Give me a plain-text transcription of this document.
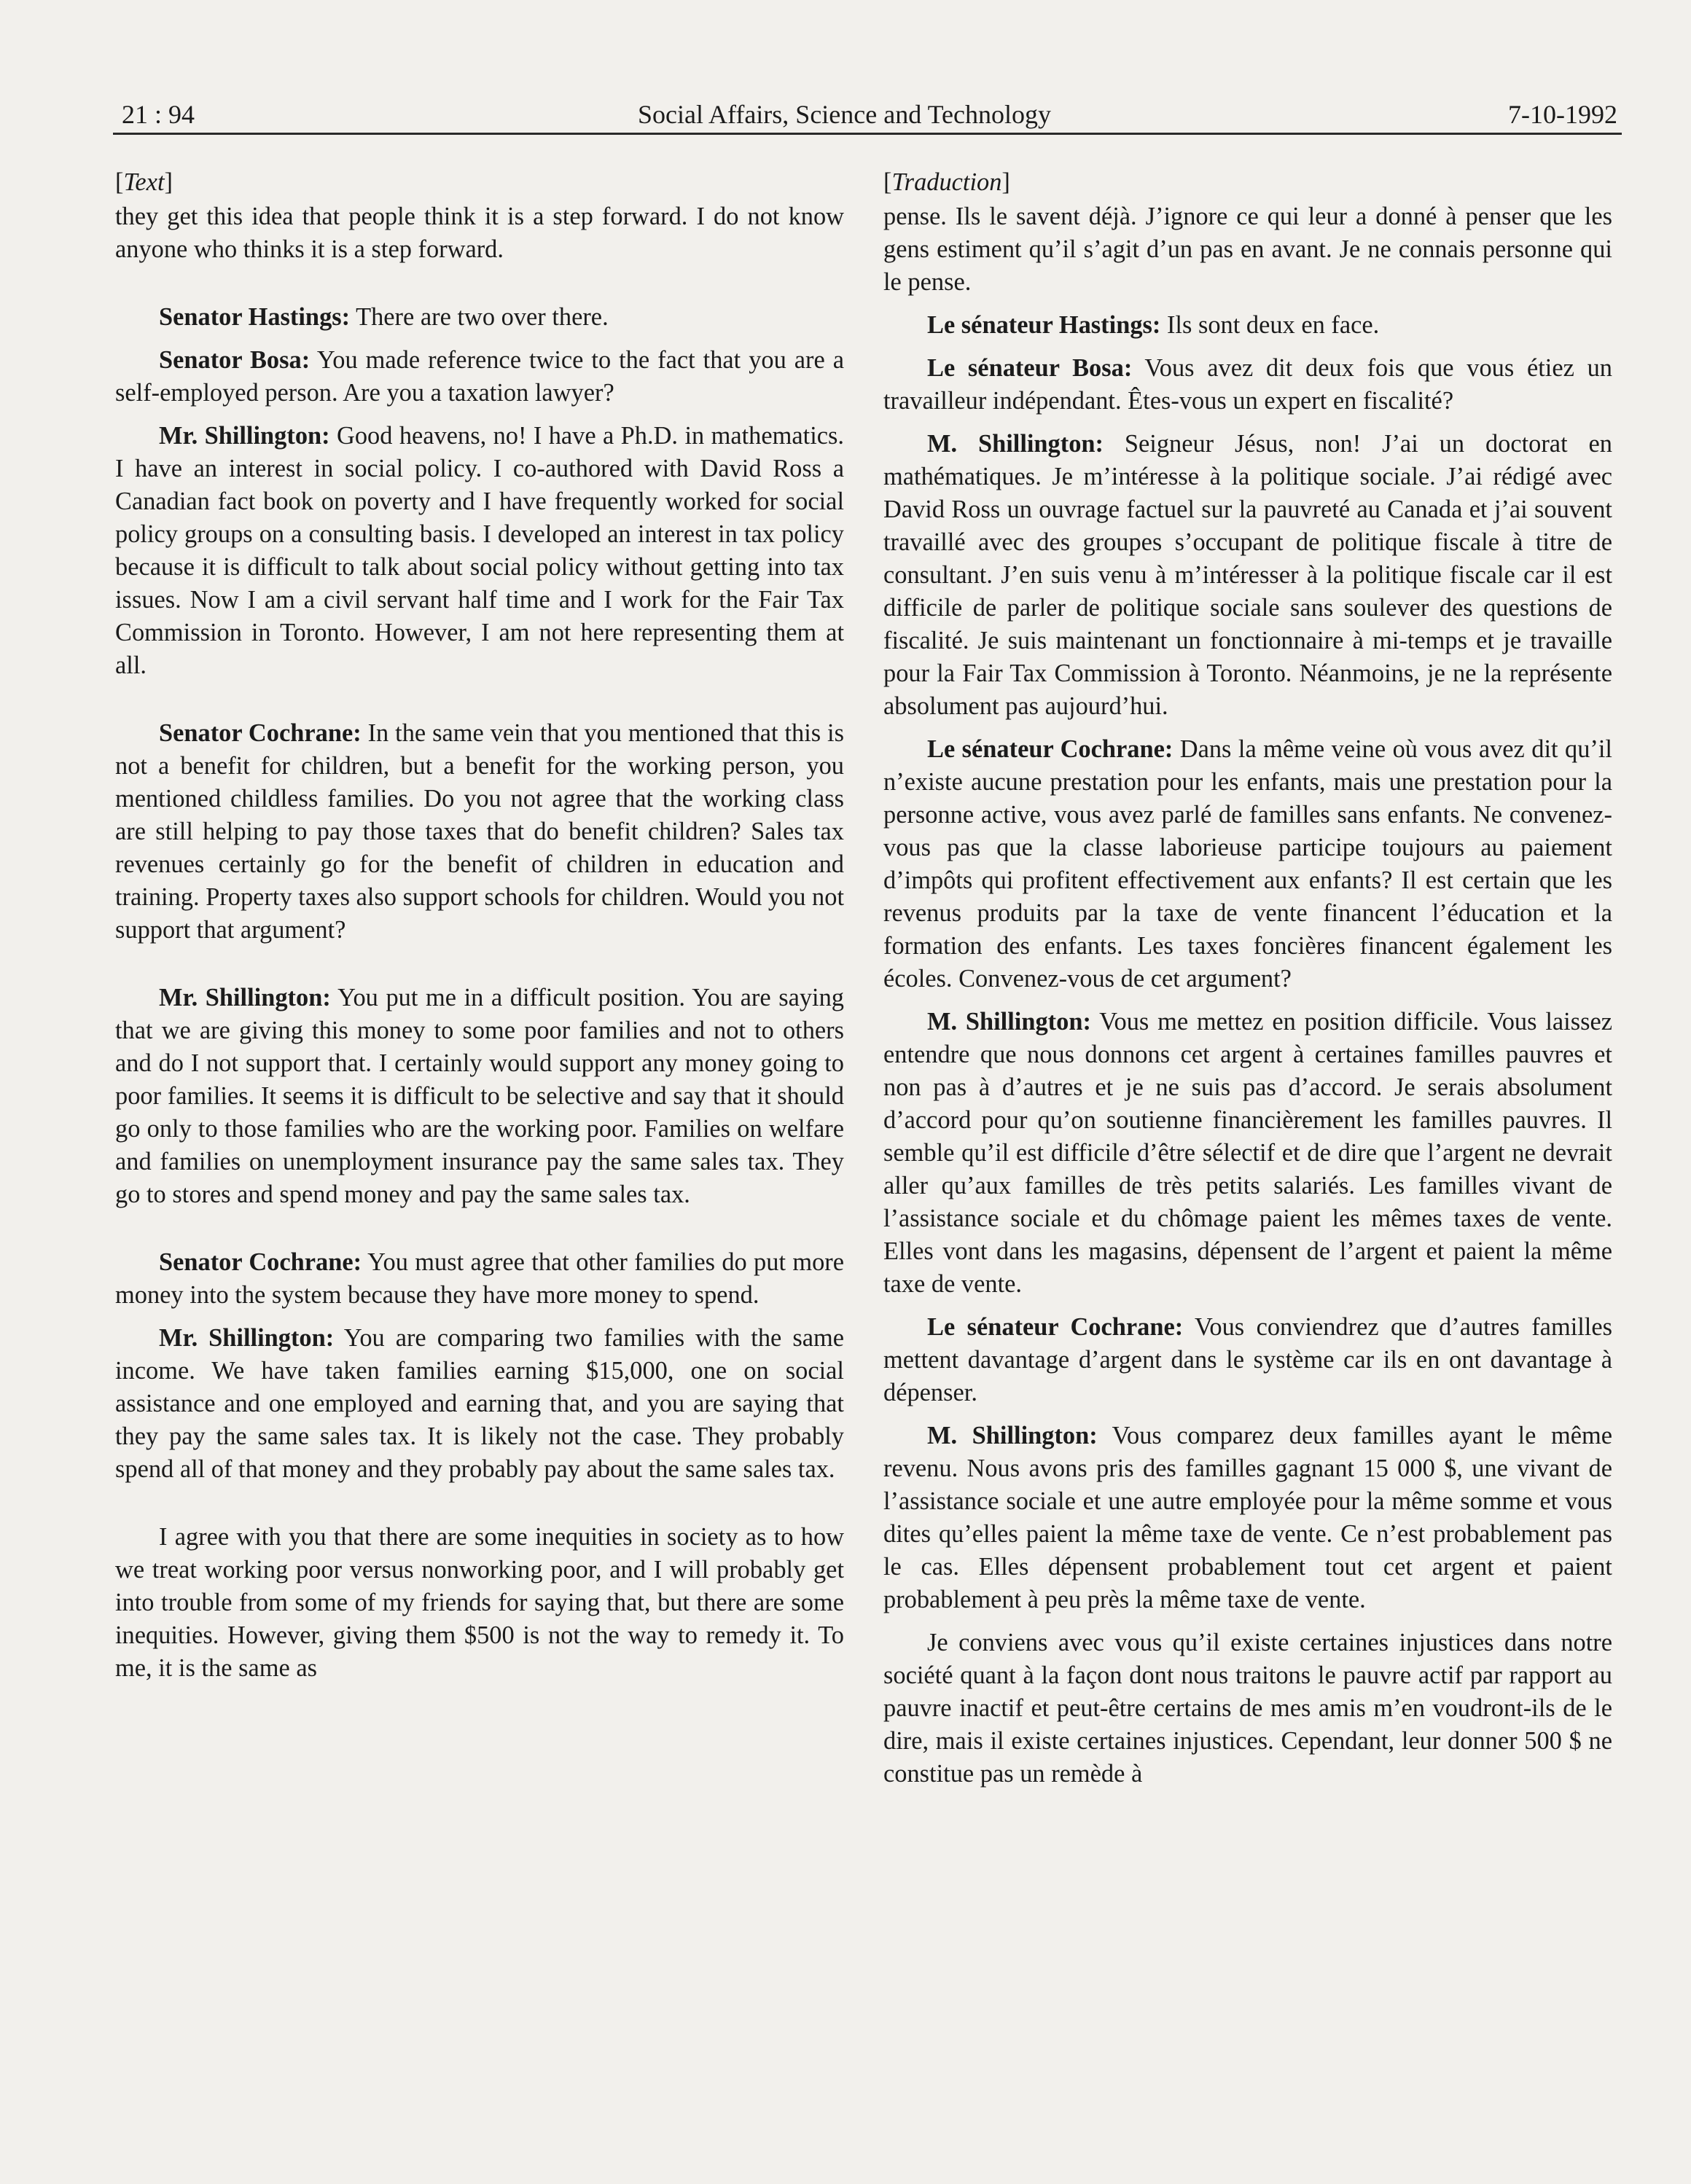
21 : 94	Social Affairs, Science and Technology	7-10-1992

[Text]

they get this idea that people think it is a step forward. I do not know anyone who thinks it is a step forward.

Senator Hastings: There are two over there.

Senator Bosa: You made reference twice to the fact that you are a self-employed person. Are you a taxation lawyer?

Mr. Shillington: Good heavens, no! I have a Ph.D. in mathematics. I have an interest in social policy. I co-authored with David Ross a Canadian fact book on poverty and I have frequently worked for social policy groups on a consulting basis. I developed an interest in tax policy because it is difficult to talk about social policy without getting into tax issues. Now I am a civil servant half time and I work for the Fair Tax Commission in Toronto. However, I am not here representing them at all.

Senator Cochrane: In the same vein that you mentioned that this is not a benefit for children, but a benefit for the working person, you mentioned childless families. Do you not agree that the working class are still helping to pay those taxes that do benefit children? Sales tax revenues certainly go for the benefit of children in education and training. Property taxes also support schools for children. Would you not support that argument?

Mr. Shillington: You put me in a difficult position. You are saying that we are giving this money to some poor families and not to others and do I not support that. I certainly would support any money going to poor families. It seems it is difficult to be selective and say that it should go only to those families who are the working poor. Families on welfare and families on unemployment insurance pay the same sales tax. They go to stores and spend money and pay the same sales tax.

Senator Cochrane: You must agree that other families do put more money into the system because they have more money to spend.

Mr. Shillington: You are comparing two families with the same income. We have taken families earning $15,000, one on social assistance and one employed and earning that, and you are saying that they pay the same sales tax. It is likely not the case. They probably spend all of that money and they probably pay about the same sales tax.

I agree with you that there are some inequities in society as to how we treat working poor versus nonworking poor, and I will probably get into trouble from some of my friends for saying that, but there are some inequities. However, giving them $500 is not the way to remedy it. To me, it is the same as

[Traduction]

pense. Ils le savent déjà. J’ignore ce qui leur a donné à penser que les gens estiment qu’il s’agit d’un pas en avant. Je ne connais personne qui le pense.

Le sénateur Hastings: Ils sont deux en face.

Le sénateur Bosa: Vous avez dit deux fois que vous étiez un travailleur indépendant. Êtes-vous un expert en fiscalité?

M. Shillington: Seigneur Jésus, non! J’ai un doctorat en mathématiques. Je m’intéresse à la politique sociale. J’ai rédigé avec David Ross un ouvrage factuel sur la pauvreté au Canada et j’ai souvent travaillé avec des groupes s’occupant de politique fiscale à titre de consultant. J’en suis venu à m’intéresser à la politique fiscale car il est difficile de parler de politique sociale sans soulever des questions de fiscalité. Je suis maintenant un fonctionnaire à mi-temps et je travaille pour la Fair Tax Commission à Toronto. Néanmoins, je ne la représente absolument pas aujourd’hui.

Le sénateur Cochrane: Dans la même veine où vous avez dit qu’il n’existe aucune prestation pour les enfants, mais une prestation pour la personne active, vous avez parlé de familles sans enfants. Ne convenez-vous pas que la classe laborieuse participe toujours au paiement d’impôts qui profitent effectivement aux enfants? Il est certain que les revenus produits par la taxe de vente financent l’éducation et la formation des enfants. Les taxes foncières financent également les écoles. Convenez-vous de cet argument?

M. Shillington: Vous me mettez en position difficile. Vous laissez entendre que nous donnons cet argent à certaines familles pauvres et non pas à d’autres et je ne suis pas d’accord. Je serais absolument d’accord pour qu’on soutienne financièrement les familles pauvres. Il semble qu’il est difficile d’être sélectif et de dire que l’argent ne devrait aller qu’aux familles de très petits salariés. Les familles vivant de l’assistance sociale et du chômage paient les mêmes taxes de vente. Elles vont dans les magasins, dépensent de l’argent et paient la même taxe de vente.

Le sénateur Cochrane: Vous conviendrez que d’autres familles mettent davantage d’argent dans le système car ils en ont davantage à dépenser.

M. Shillington: Vous comparez deux familles ayant le même revenu. Nous avons pris des familles gagnant 15 000 $, une vivant de l’assistance sociale et une autre employée pour la même somme et vous dites qu’elles paient la même taxe de vente. Ce n’est probablement pas le cas. Elles dépensent probablement tout cet argent et paient probablement à peu près la même taxe de vente.

Je conviens avec vous qu’il existe certaines injustices dans notre société quant à la façon dont nous traitons le pauvre actif par rapport au pauvre inactif et peut-être certains de mes amis m’en voudront-ils de le dire, mais il existe certaines injustices. Cependant, leur donner 500 $ ne constitue pas un remède à
